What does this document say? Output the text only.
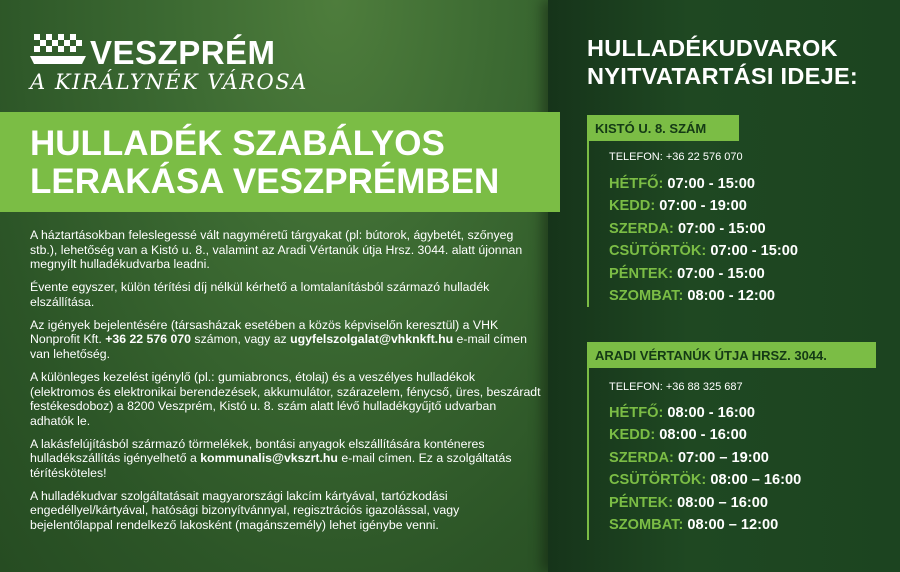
VESZPRÉM
A KIRÁLYNÉK VÁROSA
HULLADÉK SZABÁLYOS
LERAKÁSA VESZPRÉMBEN

A háztartásokban feleslegessé vált nagyméretű tárgyakat (pl: bútorok, ágybetét, szőnyeg stb.), lehetőség van a Kistó u. 8., valamint az Aradi Vértanúk útja Hrsz. 3044. alatt újonnan megnyílt hulladékudvarba leadni.

Évente egyszer, külön térítési díj nélkül kérhető a lomtalanításból származó hulladék elszállítása.

Az igények bejelentésére (társasházak esetében a közös képviselőn keresztül) a VHK Nonprofit Kft. +36 22 576 070 számon, vagy az ugyfelszolgalat@vhknkft.hu e-mail címen van lehetőség.

A különleges kezelést igénylő (pl.: gumiabroncs, étolaj) és a veszélyes hulladékok (elektromos és elektronikai berendezések, akkumulátor, szárazelem, fénycső, üres, beszáradt festékesdoboz) a 8200 Veszprém, Kistó u. 8. szám alatt lévő hulladékgyűjtő udvarban adhatók le.

A lakásfelújításból származó törmelékek, bontási anyagok elszállítására konténeres hulladékszállítás igényelhető a kommunalis@vkszrt.hu e-mail címen. Ez a szolgáltatás térítésköteles!

A hulladékudvar szolgáltatásait magyarországi lakcím kártyával, tartózkodási engedéllyel/kártyával, hatósági bizonyítvánnyal, regisztrációs igazolással, vagy bejelentőlappal rendelkező lakosként (magánszemély) lehet igénybe venni.

HULLADÉKUDVAROK
NYITVATARTÁSI IDEJE:
KISTÓ U. 8. SZÁM
TELEFON: +36 22 576 070
HÉTFŐ: 07:00 - 15:00
KEDD: 07:00 - 19:00
SZERDA: 07:00 - 15:00
CSÜTÖRTÖK: 07:00 - 15:00
PÉNTEK: 07:00 - 15:00
SZOMBAT: 08:00 - 12:00
ARADI VÉRTANÚK ÚTJA HRSZ. 3044.
TELEFON: +36 88 325 687
HÉTFŐ: 08:00 - 16:00
KEDD: 08:00 - 16:00
SZERDA: 07:00 – 19:00
CSÜTÖRTÖK: 08:00 – 16:00
PÉNTEK: 08:00 – 16:00
SZOMBAT: 08:00 – 12:00
